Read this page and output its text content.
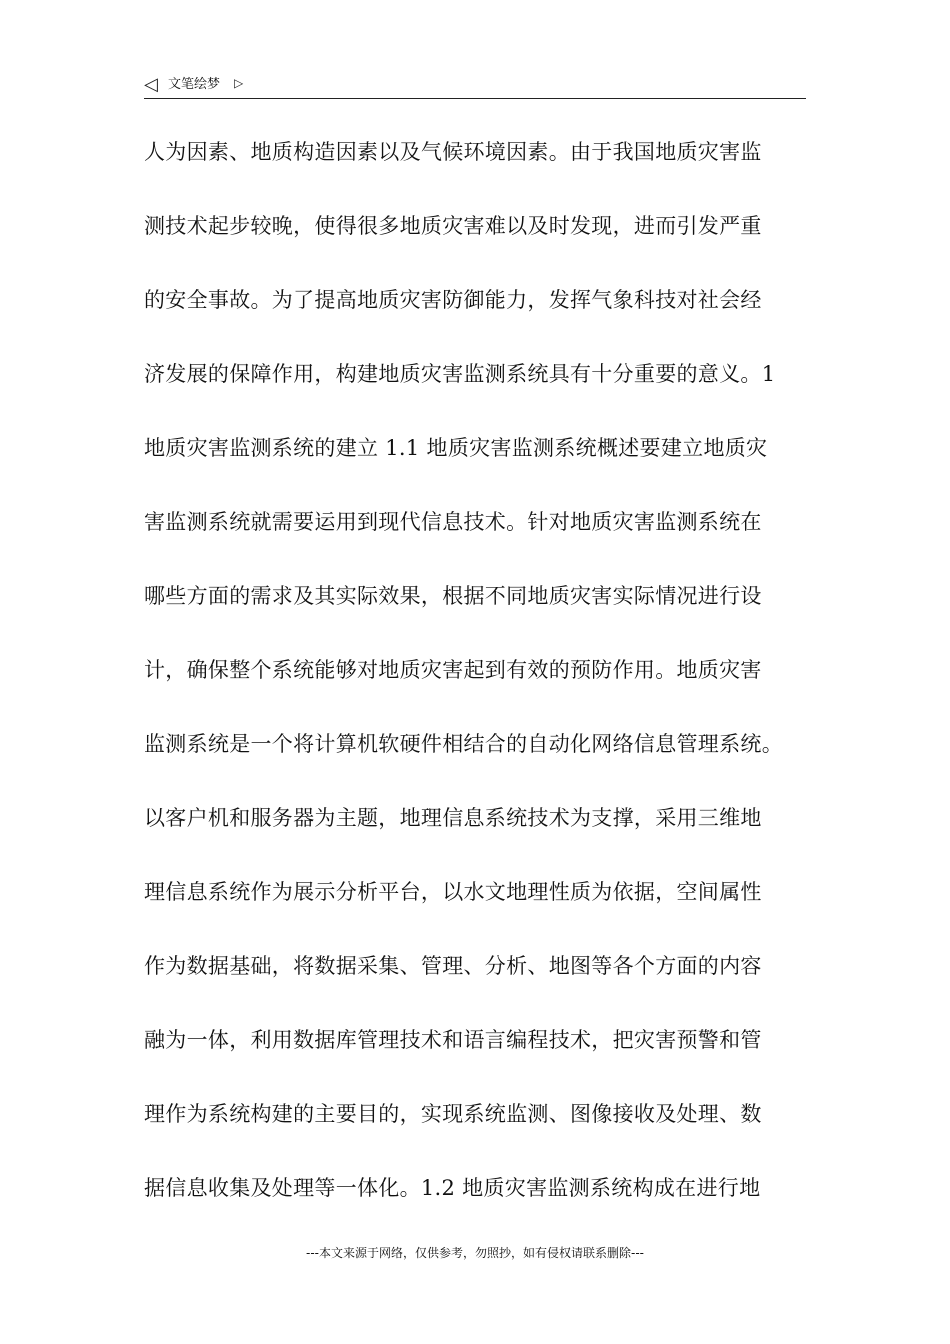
◁ 文笔绘梦 ▷
人为因素、地质构造因素以及气候环境因素。由于我国地质灾害监
测技术起步较晚，使得很多地质灾害难以及时发现，进而引发严重
的安全事故。为了提高地质灾害防御能力，发挥气象科技对社会经
济发展的保障作用，构建地质灾害监测系统具有十分重要的意义。1
地质灾害监测系统的建立 1.1 地质灾害监测系统概述要建立地质灾
害监测系统就需要运用到现代信息技术。针对地质灾害监测系统在
哪些方面的需求及其实际效果，根据不同地质灾害实际情况进行设
计，确保整个系统能够对地质灾害起到有效的预防作用。地质灾害
监测系统是一个将计算机软硬件相结合的自动化网络信息管理系统。
以客户机和服务器为主题，地理信息系统技术为支撑，采用三维地
理信息系统作为展示分析平台，以水文地理性质为依据，空间属性
作为数据基础，将数据采集、管理、分析、地图等各个方面的内容
融为一体，利用数据库管理技术和语言编程技术，把灾害预警和管
理作为系统构建的主要目的，实现系统监测、图像接收及处理、数
据信息收集及处理等一体化。1.2 地质灾害监测系统构成在进行地
---本文来源于网络，仅供参考，勿照抄，如有侵权请联系删除---
